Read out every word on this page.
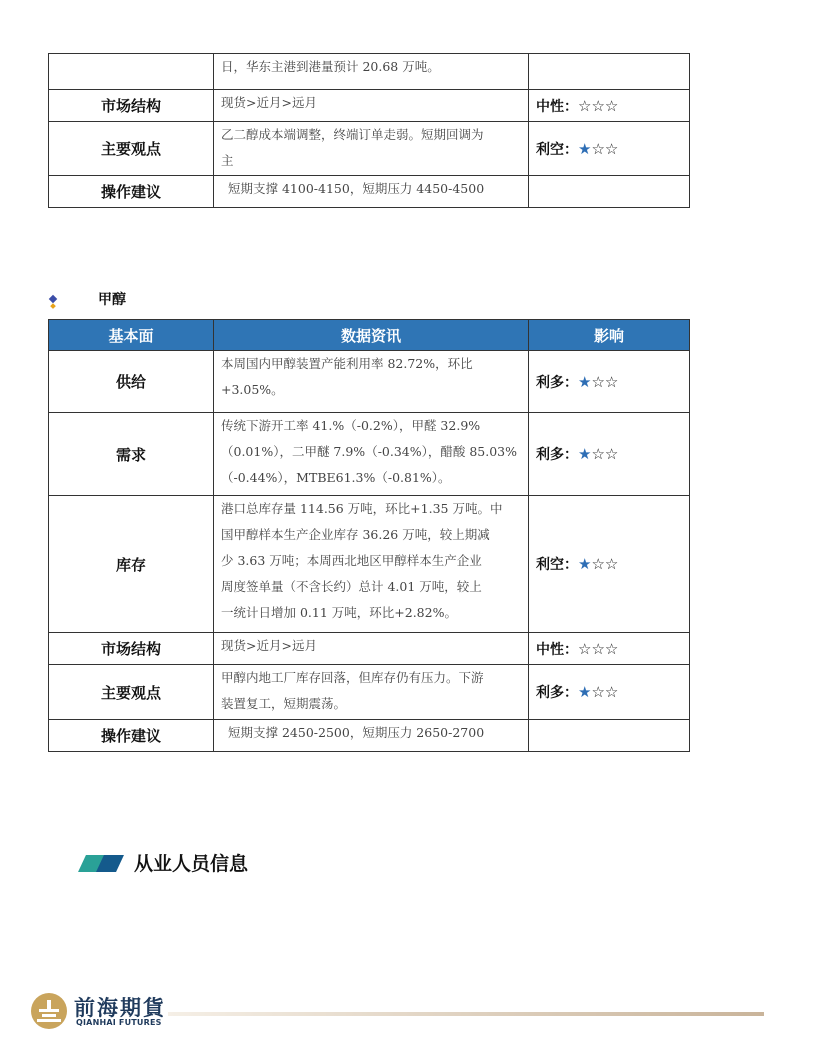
	日，华东主港到港量预计 20.68 万吨。	

市场结构	现货>近月>远月	中性：☆☆☆
主要观点	乙二醇成本端调整，终端订单走弱。短期回调为
主	利空：★☆☆
操作建议	短期支撑 4100-4150，短期压力 4450-4500	

甲醇
基本面	数据资讯	影响
供给	本周国内甲醇装置产能利用率 82.72%，环比
+3.05%。	利多：★☆☆
需求	传统下游开工率 41.%（-0.2%），甲醛 32.9%
（0.01%），二甲醚 7.9%（-0.34%），醋酸 85.03%
（-0.44%），MTBE61.3%（-0.81%）。	利多：★☆☆
库存	港口总库存量 114.56 万吨，环比+1.35 万吨。中
国甲醇样本生产企业库存 36.26 万吨，较上期减
少 3.63 万吨；本周西北地区甲醇样本生产企业
周度签单量（不含长约）总计 4.01 万吨，较上
一统计日增加 0.11 万吨，环比+2.82%。	利空：★☆☆
市场结构	现货>近月>远月	中性：☆☆☆
主要观点	甲醇内地工厂库存回落，但库存仍有压力。下游
装置复工，短期震荡。	利多：★☆☆
操作建议	短期支撑 2450-2500，短期压力 2650-2700	

从业人员信息
前海期貨
QIANHAI FUTURES
